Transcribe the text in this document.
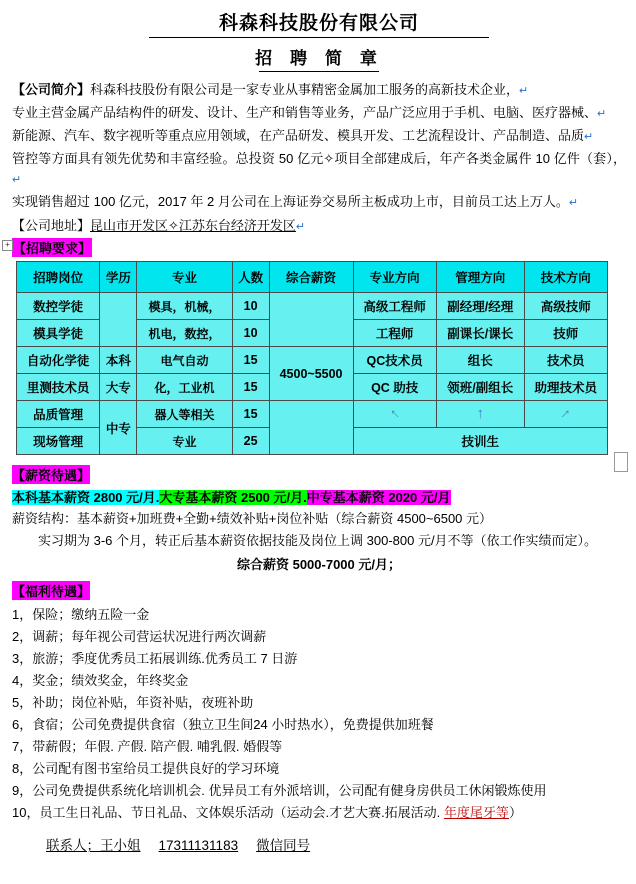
科森科技股份有限公司
招 聘 简 章
【公司简介】科森科技股份有限公司是一家专业从事精密金属加工服务的高新技术企业，↵
专业主营金属产品结构件的研发、设计、生产和销售等业务，产品广泛应用于手机、电脑、医疗器械、↵
新能源、汽车、数字视听等重点应用领域，在产品研发、模具开发、工艺流程设计、产品制造、品质↵
管控等方面具有领先优势和丰富经验。总投资 50 亿元✧项目全部建成后，年产各类金属件 10 亿件（套），↵
实现销售超过 100 亿元，2017 年 2 月公司在上海证券交易所主板成功上市，目前员工达上万人。↵
【公司地址】昆山市开发区✧江苏东台经济开发区↵
+ 【招聘要求】
招聘岗位	学历	专业	人数	综合薪资	专业方向	管理方向	技术方向
数控学徒		模具，机械，	10		高级工程师	副经理/经理	高级技师
模具学徒		机电，数控，	10		工程师	副课长/课长	技师
自动化学徒	本科	电气自动	15	4500~5500	QC技术员	组长	技术员
里测技术员	大专	化，工业机	15		QC 助技	领班/副组长	助理技术员
品质管理	中专	器人等相关	15		↑	↑	↑
现场管理		专业	25		技训生		
【薪资待遇】
本科基本薪资 2800 元/月.大专基本薪资 2500 元/月.中专基本薪资 2020 元/月
薪资结构：基本薪资+加班费+全勤+绩效补贴+岗位补贴（综合薪资 4500~6500 元）
实习期为 3-6 个月，转正后基本薪资依据技能及岗位上调 300-800 元/月不等（依工作实绩而定）。
综合薪资 5000-7000 元/月；
【福利待遇】
1，保险；缴纳五险一金
2，调薪；每年视公司营运状况进行两次调薪
3，旅游；季度优秀员工拓展训练.优秀员工 7 日游
4，奖金；绩效奖金，年终奖金
5，补助；岗位补贴，年资补贴，夜班补助
6，食宿；公司免费提供食宿（独立卫生间24 小时热水），免费提供加班餐
7，带薪假；年假. 产假. 陪产假. 哺乳假. 婚假等
8，公司配有图书室给员工提供良好的学习环境
9，公司免费提供系统化培训机会. 优异员工有外派培训，公司配有健身房供员工休闲锻炼使用
10，员工生日礼品、节日礼品、文体娱乐活动（运动会.才艺大赛.拓展活动. 年度尾牙等）
联系人；王小姐 17311131183 微信同号
